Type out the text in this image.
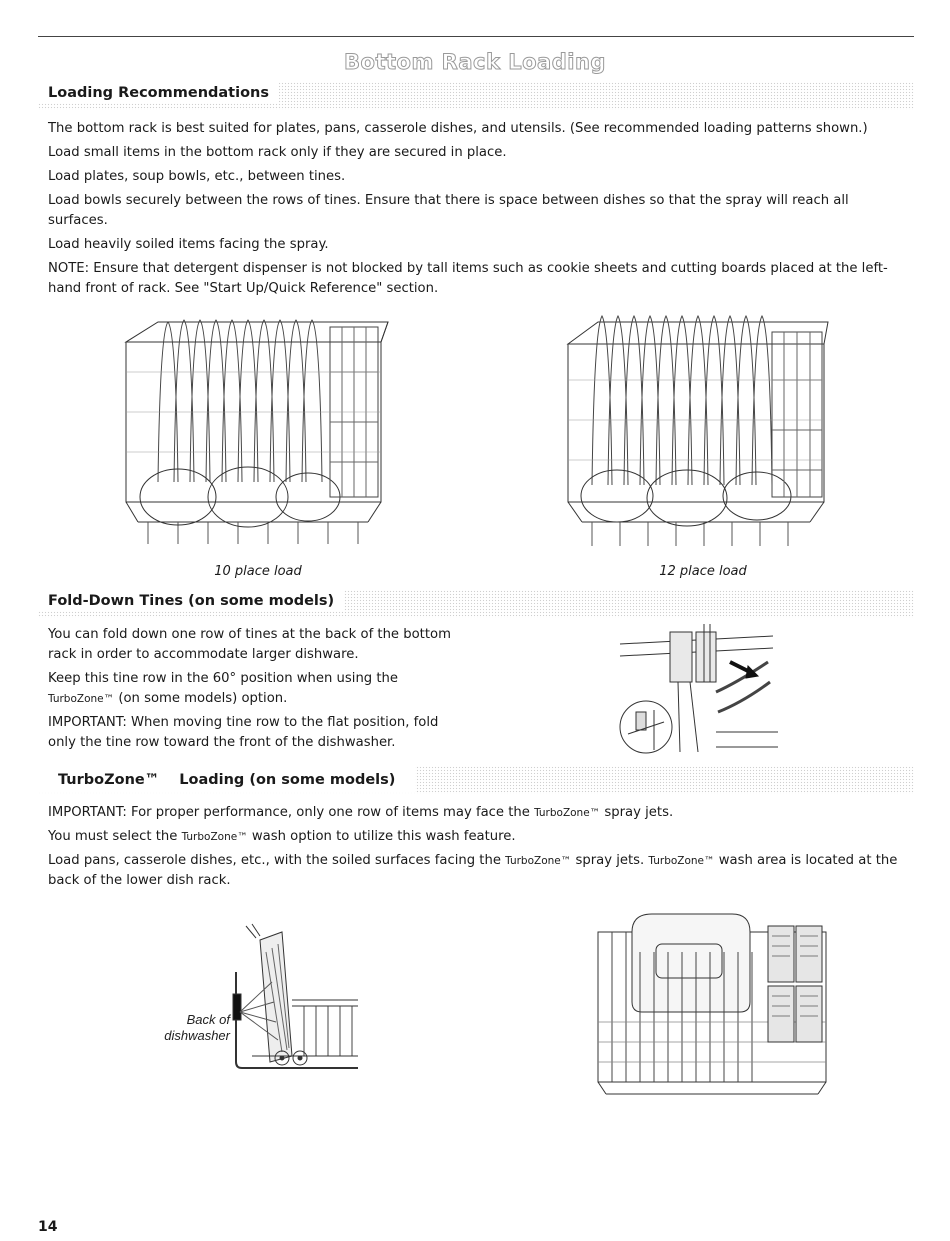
Bottom Rack Loading
Loading Recommendations

The bottom rack is best suited for plates, pans, casserole dishes, and utensils. (See recommended loading patterns shown.)

Load small items in the bottom rack only if they are secured in place.

Load plates, soup bowls, etc., between tines.

Load bowls securely between the rows of tines. Ensure that there is space between dishes so that the spray will reach all surfaces.

Load heavily soiled items facing the spray.

NOTE: Ensure that detergent dispenser is not blocked by tall items such as cookie sheets and cutting boards placed at the left-hand front of rack. See "Start Up/Quick Reference" section.

10 place load	12 place load
Fold-Down Tines (on some models)

You can fold down one row of tines at the back of the bottom rack in order to accommodate larger dishware.

Keep this tine row in the 60° position when using the TurboZone™ (on some models) option.

IMPORTANT: When moving tine row to the flat position, fold only the tine row toward the front of the dishwasher.

TurboZone™Loading (on some models)

IMPORTANT: For proper performance, only one row of items may face the TurboZone™ spray jets.

You must select the TurboZone™ wash option to utilize this wash feature.

Load pans, casserole dishes, etc., with the soiled surfaces facing the TurboZone™ spray jets. TurboZone™ wash area is located at the back of the lower dish rack.

Back of
dishwasher
14
